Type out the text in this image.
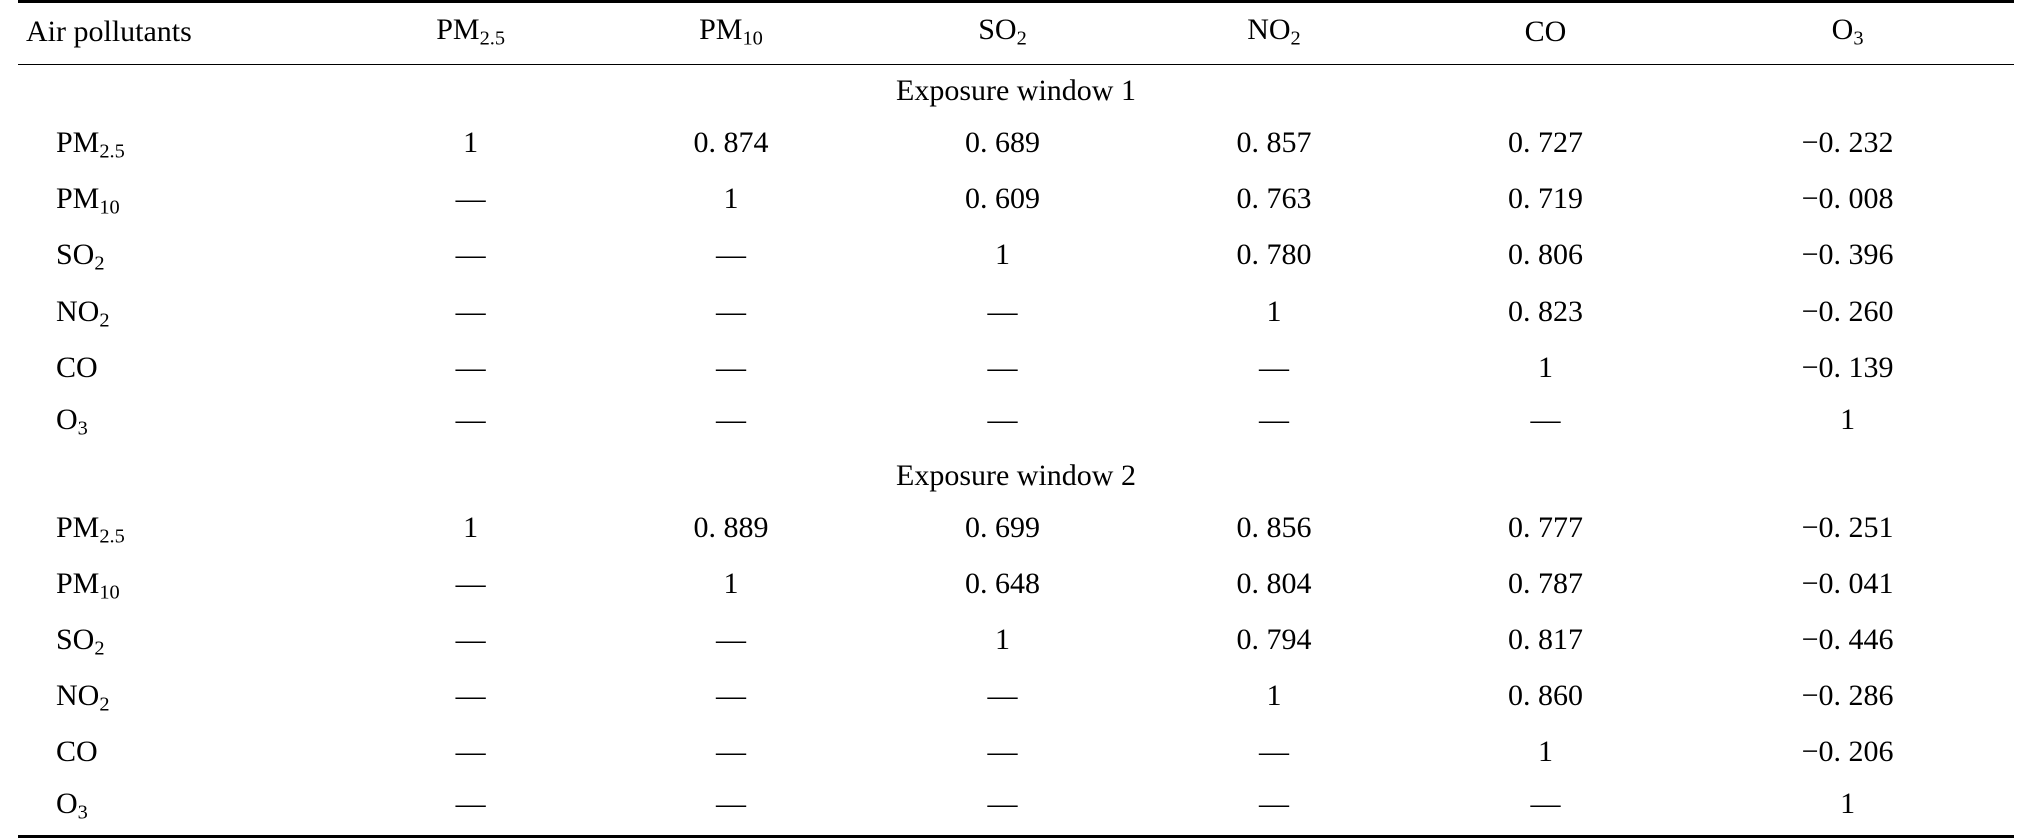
Air pollutants	$PM_{2.5}$	$PM_{10}$	$SO_2$	$NO_2$	CO	$O_3$
Exposure window 1						
$PM_{2.5}$	1	0. 874	0. 689	0. 857	0. 727	−0. 232
$PM_{10}$	—	1	0. 609	0. 763	0. 719	−0. 008
$SO_2$	—	—	1	0. 780	0. 806	−0. 396
$NO_2$	—	—	—	1	0. 823	−0. 260
CO	—	—	—	—	1	−0. 139
$O_3$	—	—	—	—	—	1
Exposure window 2						
$PM_{2.5}$	1	0. 889	0. 699	0. 856	0. 777	−0. 251
$PM_{10}$	—	1	0. 648	0. 804	0. 787	−0. 041
$SO_2$	—	—	1	0. 794	0. 817	−0. 446
$NO_2$	—	—	—	1	0. 860	−0. 286
CO	—	—	—	—	1	−0. 206
$O_3$	—	—	—	—	—	1
